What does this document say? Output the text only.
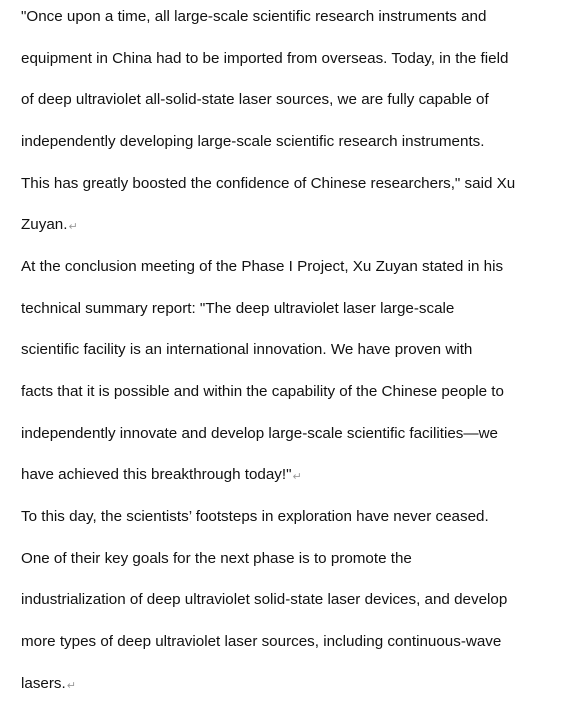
"Once upon a time, all large-scale scientific research instruments and
equipment in China had to be imported from overseas. Today, in the field
of deep ultraviolet all-solid-state laser sources, we are fully capable of
independently developing large-scale scientific research instruments.
This has greatly boosted the confidence of Chinese researchers," said Xu
Zuyan.↵
At the conclusion meeting of the Phase I Project, Xu Zuyan stated in his
technical summary report: "The deep ultraviolet laser large-scale
scientific facility is an international innovation. We have proven with
facts that it is possible and within the capability of the Chinese people to
independently innovate and develop large-scale scientific facilities—we
have achieved this breakthrough today!"↵
To this day, the scientists’ footsteps in exploration have never ceased.
One of their key goals for the next phase is to promote the
industrialization of deep ultraviolet solid-state laser devices, and develop
more types of deep ultraviolet laser sources, including continuous-wave
lasers.↵
